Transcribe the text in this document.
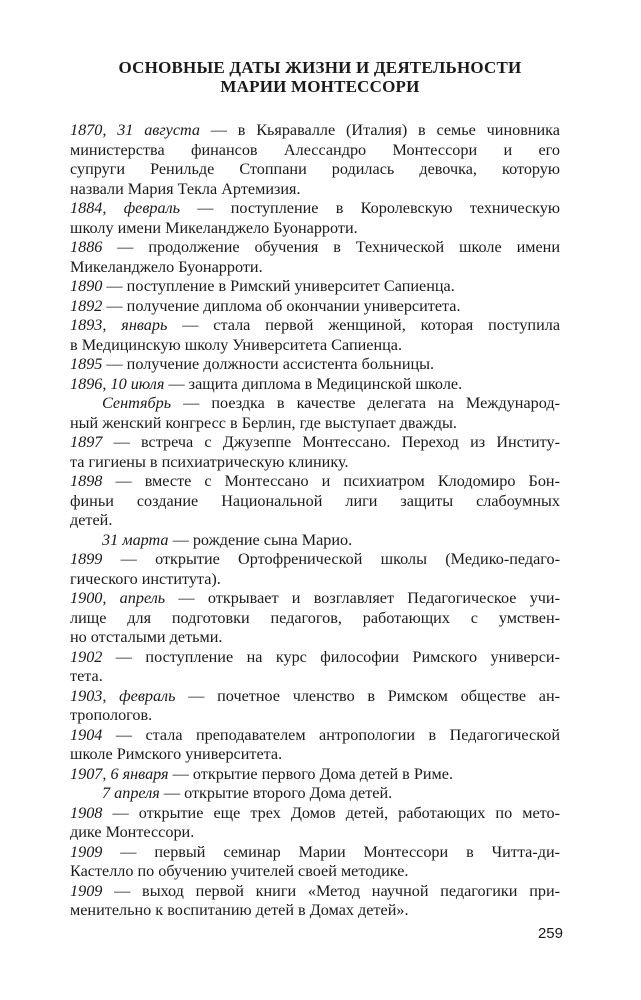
ОСНОВНЫЕ ДАТЫ ЖИЗНИ И ДЕЯТЕЛЬНОСТИ
МАРИИ МОНТЕССОРИ
1870, 31 августа — в Кьяравалле (Италия) в семье чиновника
министерства финансов Алессандро Монтессори и его
супруги Ренильде Стоппани родилась девочка, которую
назвали Мария Текла Артемизия.
1884, февраль — поступление в Королевскую техническую
школу имени Микеланджело Буонарроти.
1886 — продолжение обучения в Технической школе имени
Микеланджело Буонарроти.
1890 — поступление в Римский университет Сапиенца.
1892 — получение диплома об окончании университета.
1893, январь — стала первой женщиной, которая поступила
в Медицинскую школу Университета Сапиенца.
1895 — получение должности ассистента больницы.
1896, 10 июля — защита диплома в Медицинской школе.
Сентябрь — поездка в качестве делегата на Международ-
ный женский конгресс в Берлин, где выступает дважды.
1897 — встреча с Джузеппе Монтессано. Переход из Институ-
та гигиены в психиатрическую клинику.
1898 — вместе с Монтессано и психиатром Клодомиро Бон-
финьи создание Национальной лиги защиты слабоумных
детей.
31 марта — рождение сына Марио.
1899 — открытие Ортофренической школы (Медико-педаго-
гического института).
1900, апрель — открывает и возглавляет Педагогическое учи-
лище для подготовки педагогов, работающих с умствен-
но отсталыми детьми.
1902 — поступление на курс философии Римского универси-
тета.
1903, февраль — почетное членство в Римском обществе ан-
тропологов.
1904 — стала преподавателем антропологии в Педагогической
школе Римского университета.
1907, 6 января — открытие первого Дома детей в Риме.
7 апреля — открытие второго Дома детей.
1908 — открытие еще трех Домов детей, работающих по мето-
дике Монтессори.
1909 — первый семинар Марии Монтессори в Читта-ди-
Кастелло по обучению учителей своей методике.
1909 — выход первой книги «Метод научной педагогики при-
менительно к воспитанию детей в Домах детей».
259
